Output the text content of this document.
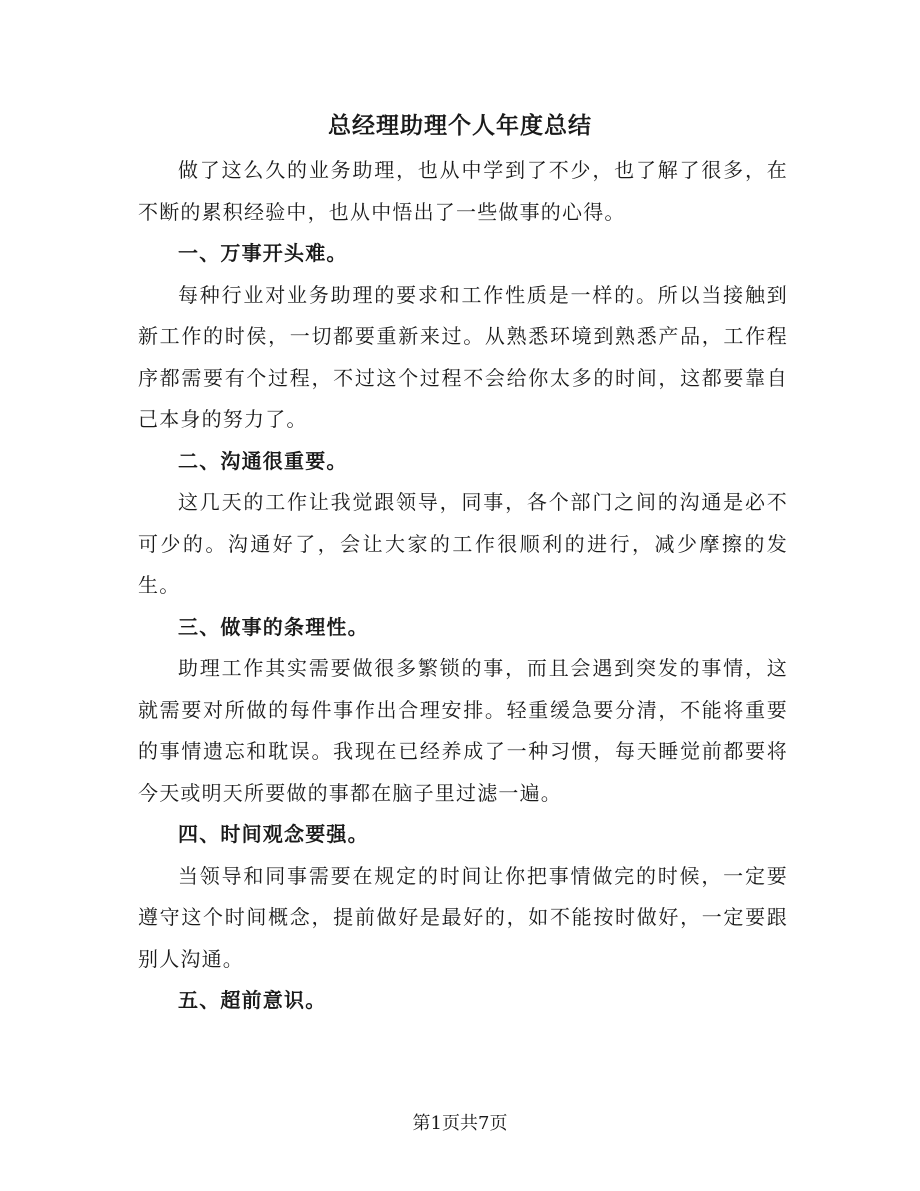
总经理助理个人年度总结

做了这么久的业务助理，也从中学到了不少，也了解了很多，在不断的累积经验中，也从中悟出了一些做事的心得。

一、万事开头难。

每种行业对业务助理的要求和工作性质是一样的。所以当接触到新工作的时侯，一切都要重新来过。从熟悉环境到熟悉产品，工作程序都需要有个过程，不过这个过程不会给你太多的时间，这都要靠自己本身的努力了。

二、沟通很重要。

这几天的工作让我觉跟领导，同事，各个部门之间的沟通是必不可少的。沟通好了，会让大家的工作很顺利的进行，减少摩擦的发生。

三、做事的条理性。

助理工作其实需要做很多繁锁的事，而且会遇到突发的事情，这就需要对所做的每件事作出合理安排。轻重缓急要分清，不能将重要的事情遗忘和耽误。我现在已经养成了一种习惯，每天睡觉前都要将今天或明天所要做的事都在脑子里过滤一遍。

四、时间观念要强。

当领导和同事需要在规定的时间让你把事情做完的时候，一定要遵守这个时间概念，提前做好是最好的，如不能按时做好，一定要跟别人沟通。

五、超前意识。

第1页共7页
